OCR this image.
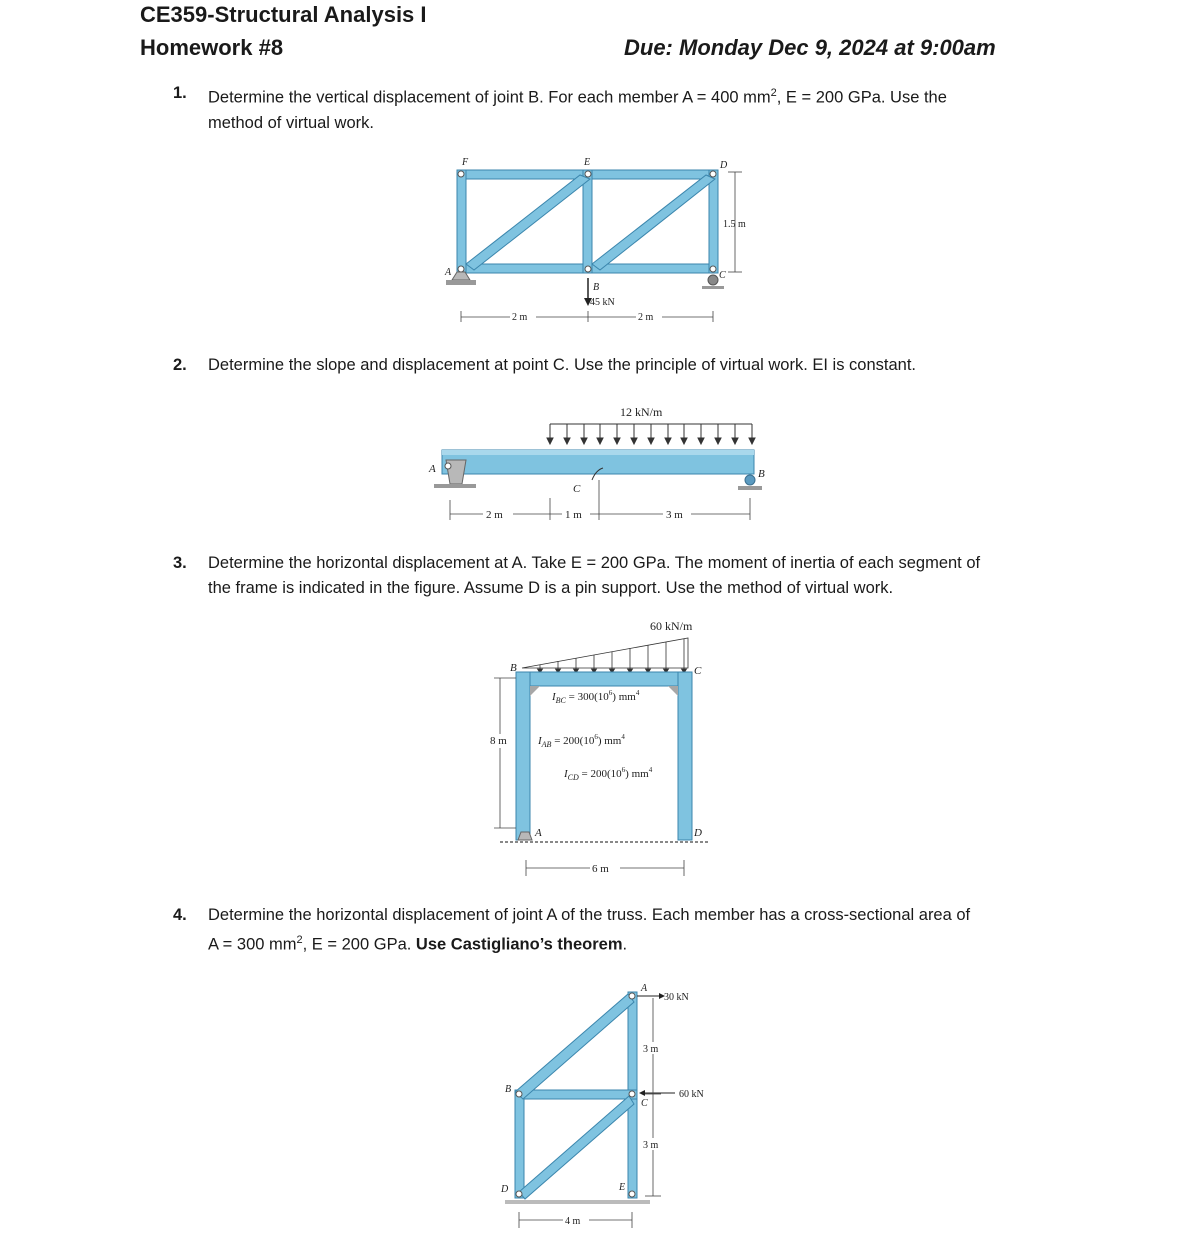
CE359-Structural Analysis I
Homework #8	Due: Monday Dec 9, 2024 at 9:00am
1. Determine the vertical displacement of joint B. For each member A = 400 $mm^2$, E = 200 GPa. Use the
method of virtual work.
F	E	D
A
B
C
45 kN
1.5 m
2 m	2 m
2. Determine the slope and displacement at point C. Use the principle of virtual work. EI is constant.
12 kN/m
A	B
C
2 m	1 m	3 m
3. Determine the horizontal displacement at A. Take E = 200 GPa. The moment of inertia of each segment of
the frame is indicated in the figure. Assume D is a pin support. Use the method of virtual work.
60 kN/m
B	C
A	D
$I_{BC} = 300(10^6)$ $mm^4$
$I_{AB} = 200(10^6)$ $mm^4$
$I_{CD} = 200(10^6)$ $mm^4$
8 m
6 m
4. Determine the horizontal displacement of joint A of the truss. Each member has a cross-sectional area of
A = 300 $mm^2$, E = 200 GPa. Use Castigliano’s theorem.
A
B
C
D	E
30 kN
60 kN
3 m
3 m
4 m
